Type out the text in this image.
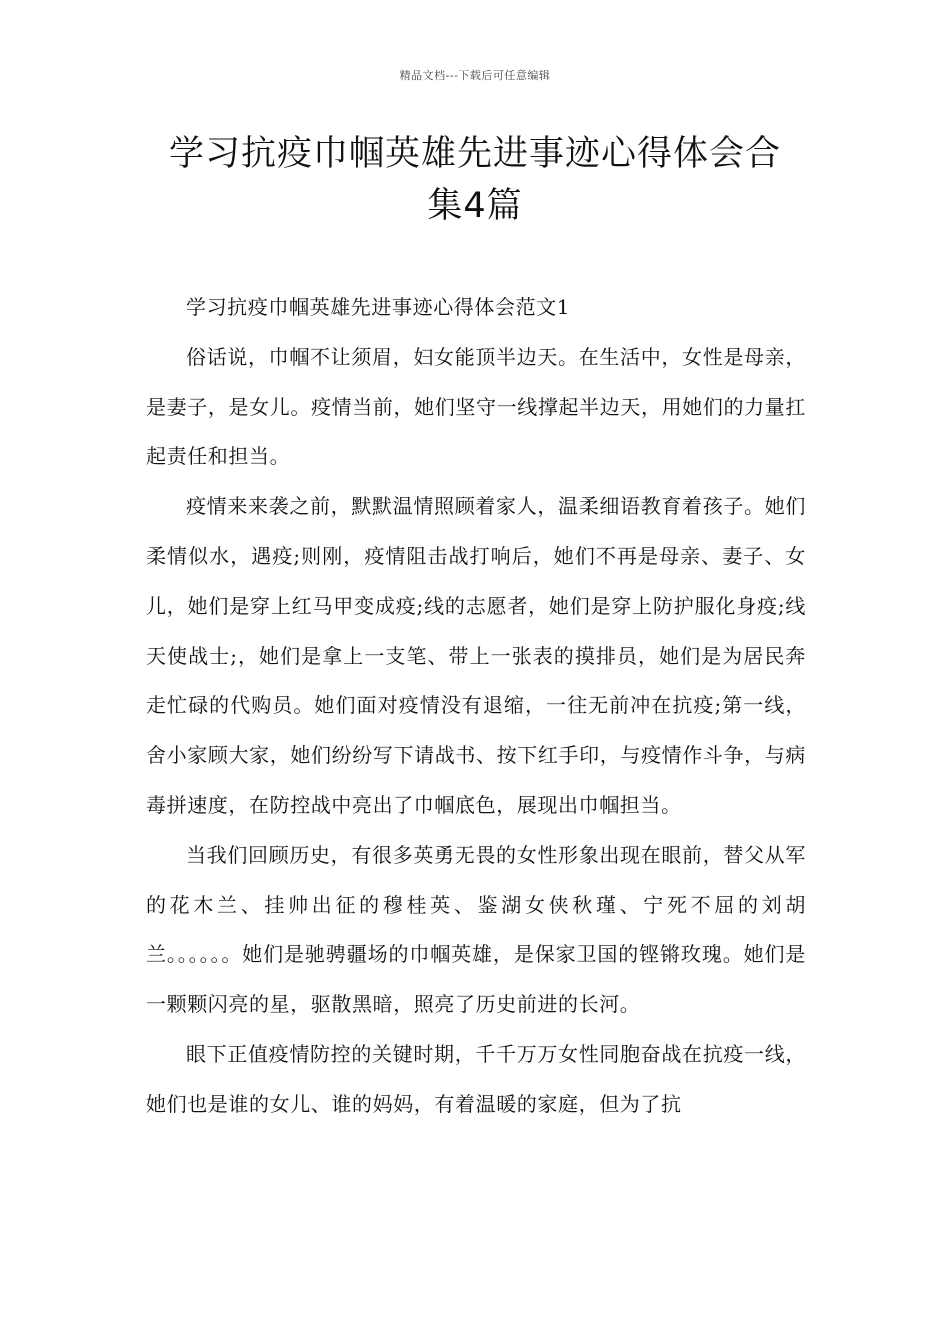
精品文档---下载后可任意编辑
学习抗疫巾帼英雄先进事迹心得体会合
集4篇

学习抗疫巾帼英雄先进事迹心得体会范文1

俗话说，巾帼不让须眉，妇女能顶半边天。在生活中，女性是母亲，是妻子，是女儿。疫情当前，她们坚守一线撑起半边天，用她们的力量扛起责任和担当。

疫情来来袭之前，默默温情照顾着家人，温柔细语教育着孩子。她们柔情似水，遇疫;则刚，疫情阻击战打响后，她们不再是母亲、妻子、女儿，她们是穿上红马甲变成疫;线的志愿者，她们是穿上防护服化身疫;线天使战士;，她们是拿上一支笔、带上一张表的摸排员，她们是为居民奔走忙碌的代购员。她们面对疫情没有退缩，一往无前冲在抗疫;第一线，舍小家顾大家，她们纷纷写下请战书、按下红手印，与疫情作斗争，与病毒拼速度，在防控战中亮出了巾帼底色，展现出巾帼担当。

当我们回顾历史，有很多英勇无畏的女性形象出现在眼前，替父从军的花木兰、挂帅出征的穆桂英、鉴湖女侠秋瑾、宁死不屈的刘胡兰。。。。。。她们是驰骋疆场的巾帼英雄，是保家卫国的铿锵玫瑰。她们是一颗颗闪亮的星，驱散黑暗，照亮了历史前进的长河。

眼下正值疫情防控的关键时期，千千万万女性同胞奋战在抗疫一线，她们也是谁的女儿、谁的妈妈，有着温暖的家庭，但为了抗
